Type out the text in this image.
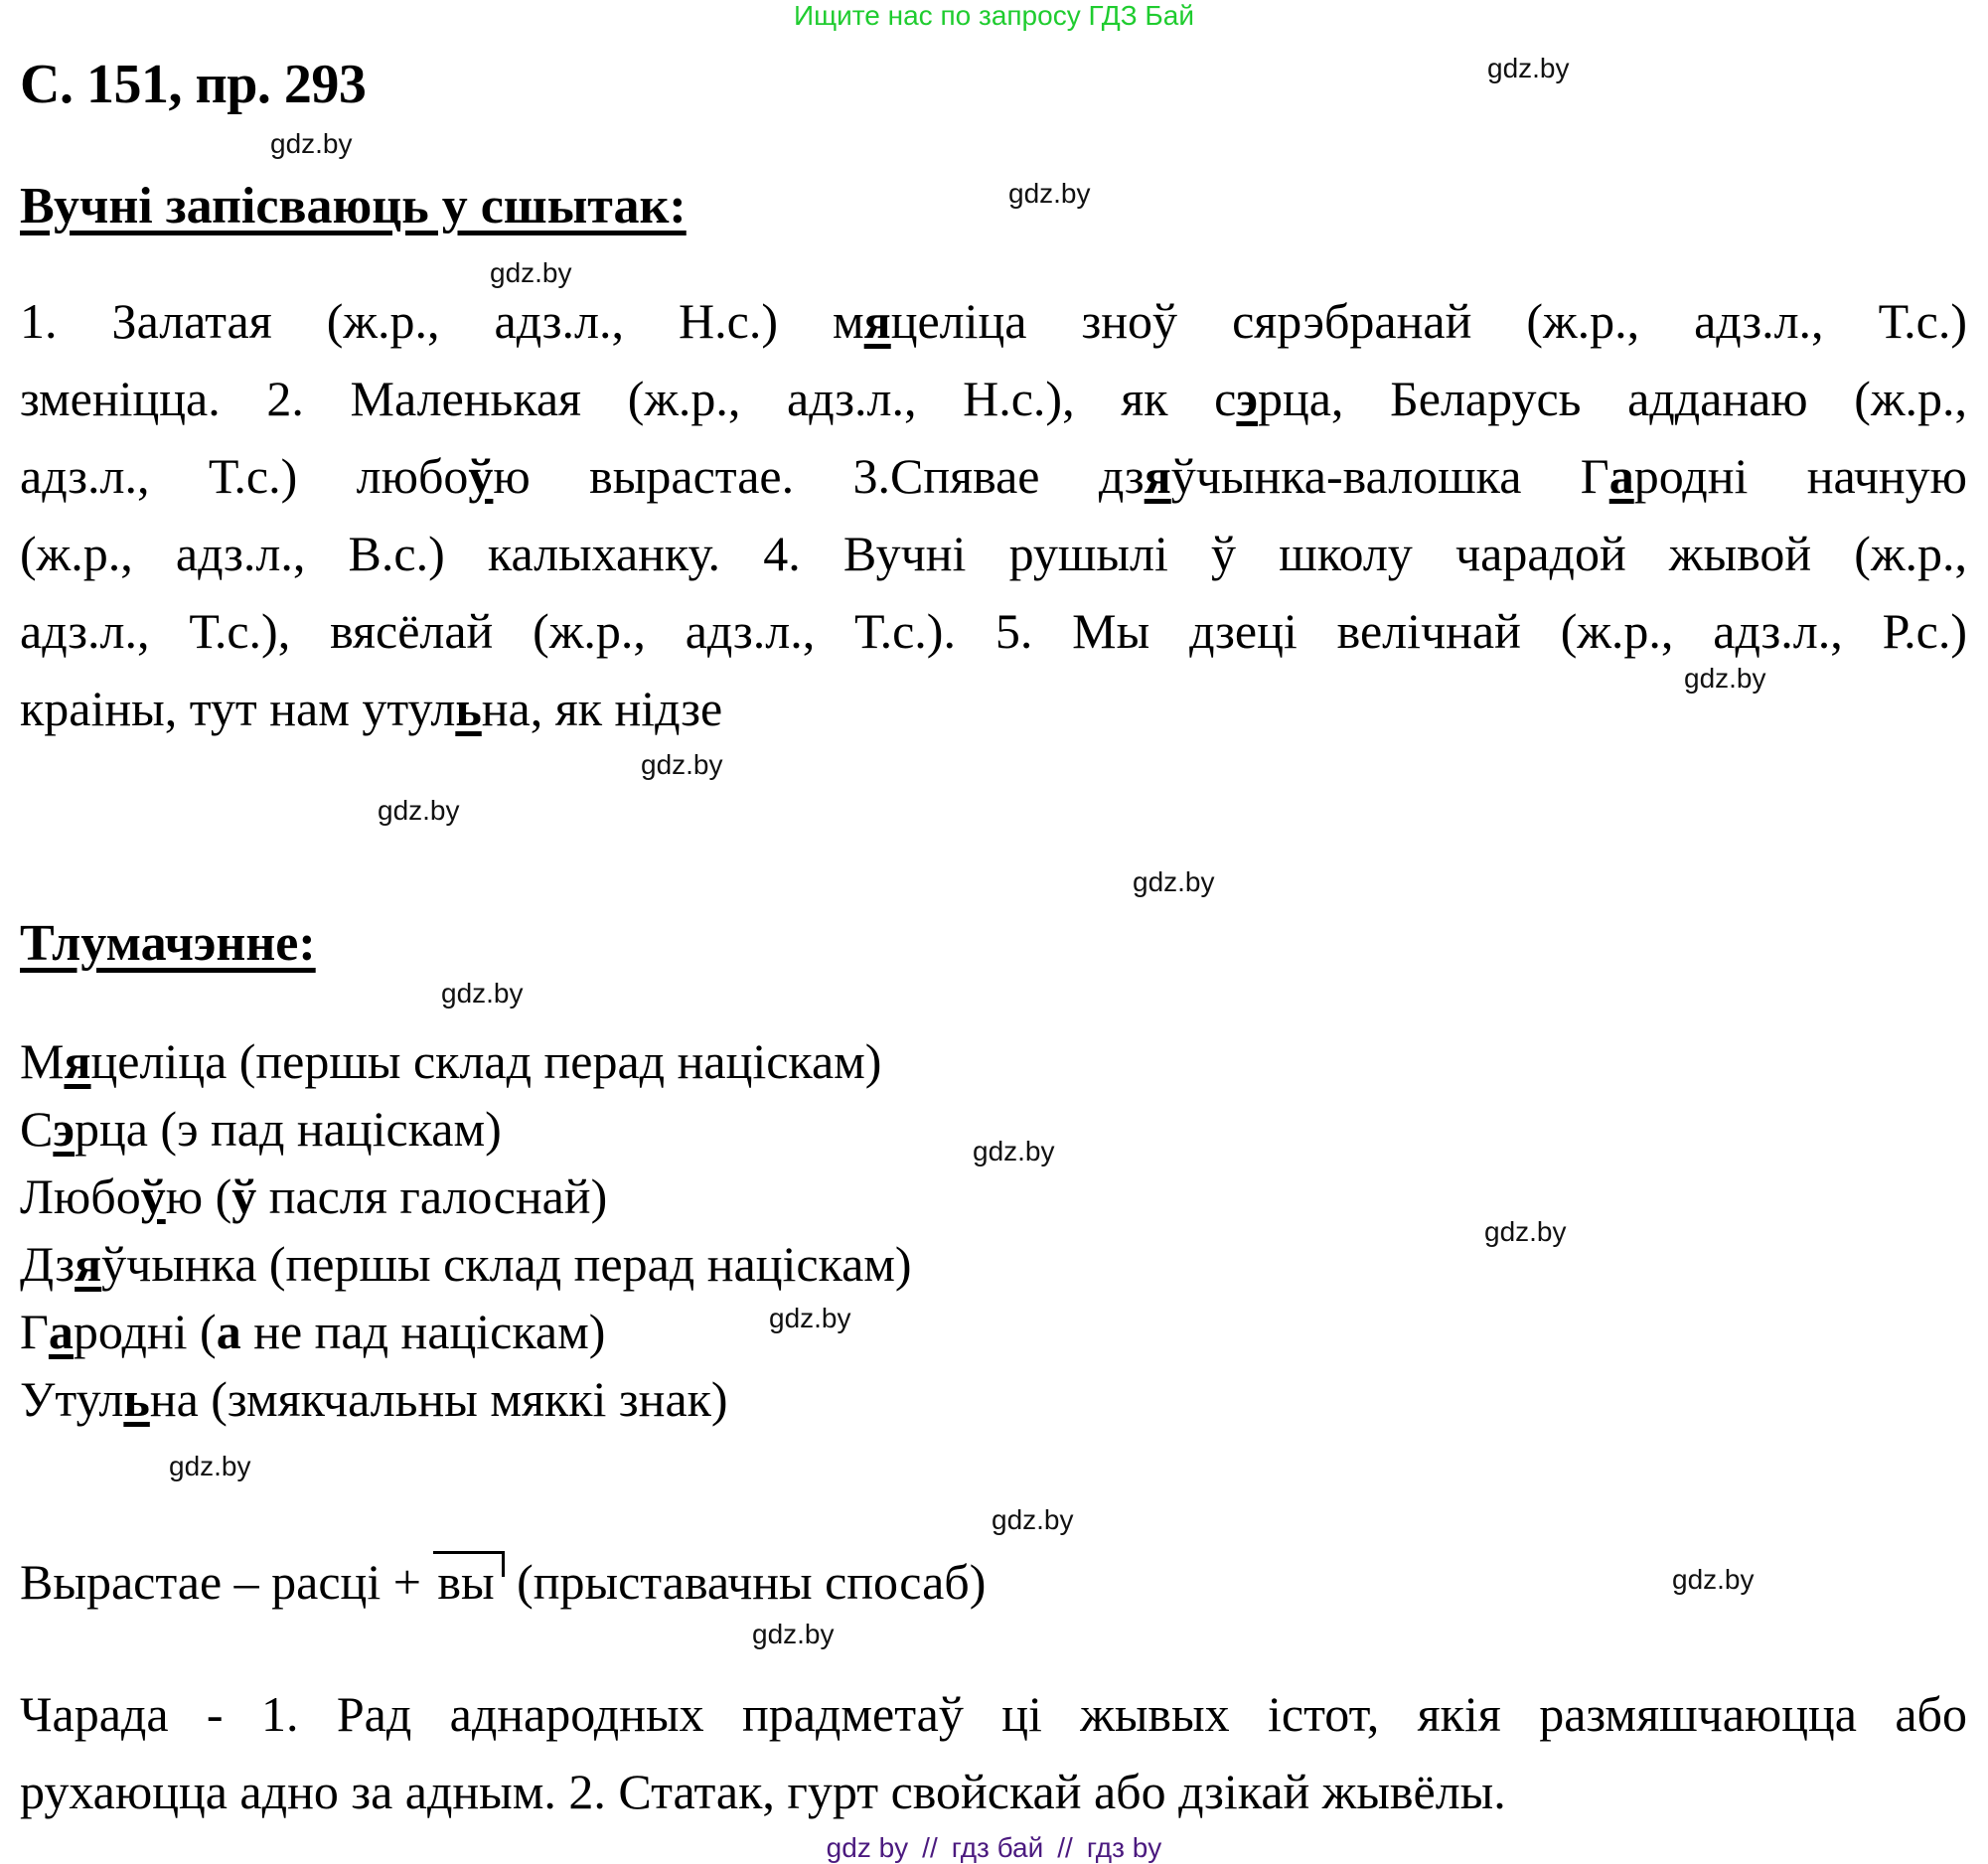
Ищите нас по запросу ГДЗ Бай
С. 151, пр. 293
Вучні запісваюць у сшытак:
1. Залатая (ж.р., адз.л., Н.с.) мяцеліца зноў сярэбранай (ж.р., адз.л., Т.с.)
зменіцца. 2. Маленькая (ж.р., адз.л., Н.с.), як сэрца, Беларусь адданаю (ж.р.,
адз.л., Т.с.) любоўю вырастае. 3.Спявае дзяўчынка-валошка Гародні начную
(ж.р., адз.л., В.с.) калыханку. 4. Вучні рушылі ў школу чарадой жывой (ж.р.,
адз.л., Т.с.), вясёлай (ж.р., адз.л., Т.с.). 5. Мы дзеці велічнай (ж.р., адз.л., Р.с.)
краіны, тут нам утульна, як нідзе
Тлумачэнне:
Мяцеліца (першы склад перад націскам)
Сэрца (э пад націскам)
Любоўю (ў пасля галоснай)
Дзяўчынка (першы склад перад націскам)
Гародні (а не пад націскам)
Утульна (змякчальны мяккі знак)
Вырастае – расці + вы (прыставачны спосаб)
Чарада - 1. Рад аднародных прадметаў ці жывых істот, якія размяшчаюцца або
рухаюцца адно за адным. 2. Статак, гурт свойскай або дзікай жывёлы.
gdz.by
gdz.by
gdz.by
gdz.by
gdz.by
gdz.by
gdz.by
gdz.by
gdz.by
gdz.by
gdz.by
gdz.by
gdz.by
gdz.by
gdz.by
gdz.by
gdz by // гдз бай // гдз by
